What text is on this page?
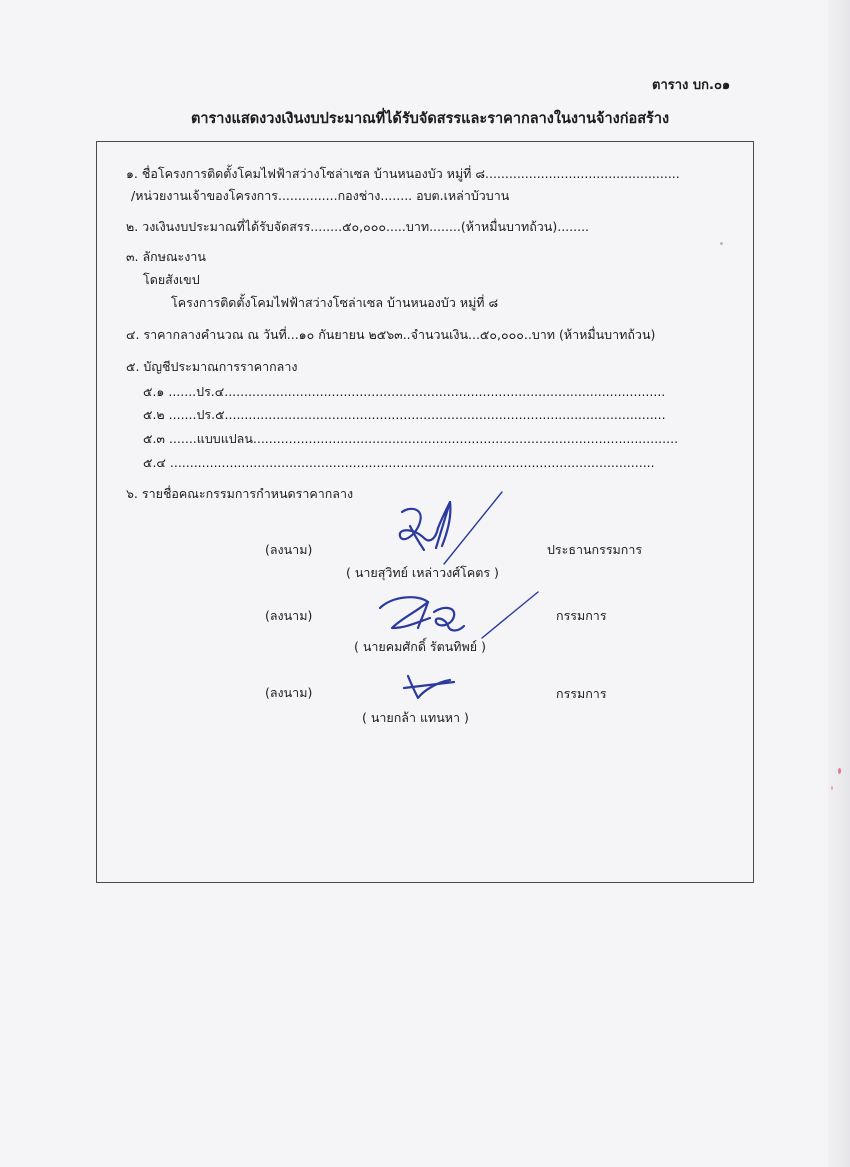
ตาราง บก.๐๑
ตารางแสดงวงเงินงบประมาณที่ได้รับจัดสรรและราคากลางในงานจ้างก่อสร้าง
๑. ชื่อโครงการติดตั้งโคมไฟฟ้าสว่างโซล่าเซล บ้านหนองบัว หมู่ที่ ๘.................................................
/หน่วยงานเจ้าของโครงการ...............กองช่าง........ อบต.เหล่าบัวบาน
๒. วงเงินงบประมาณที่ได้รับจัดสรร........๕๐,๐๐๐.....บาท........(ห้าหมื่นบาทถ้วน)........
๓. ลักษณะงาน
โดยสังเขป
โครงการติดตั้งโคมไฟฟ้าสว่างโซล่าเซล บ้านหนองบัว หมู่ที่ ๘
๔. ราคากลางคำนวณ ณ วันที่...๑๐ กันยายน ๒๕๖๓..จำนวนเงิน...๕๐,๐๐๐..บาท (ห้าหมื่นบาทถ้วน)
๕. บัญชีประมาณการราคากลาง
๕.๑ .......ปร.๔...............................................................................................................
๕.๒ .......ปร.๕...............................................................................................................
๕.๓ .......แบบแปลน...........................................................................................................
๕.๔ ..........................................................................................................................
๖. รายชื่อคณะกรรมการกำหนดราคากลาง
(ลงนาม)	ประธานกรรมการ
( นายสุวิทย์ เหล่าวงศ์โคตร )
(ลงนาม)	กรรมการ
( นายคมศักดิ์ รัตนทิพย์ )
(ลงนาม)	กรรมการ
( นายกล้า แทนหา )
